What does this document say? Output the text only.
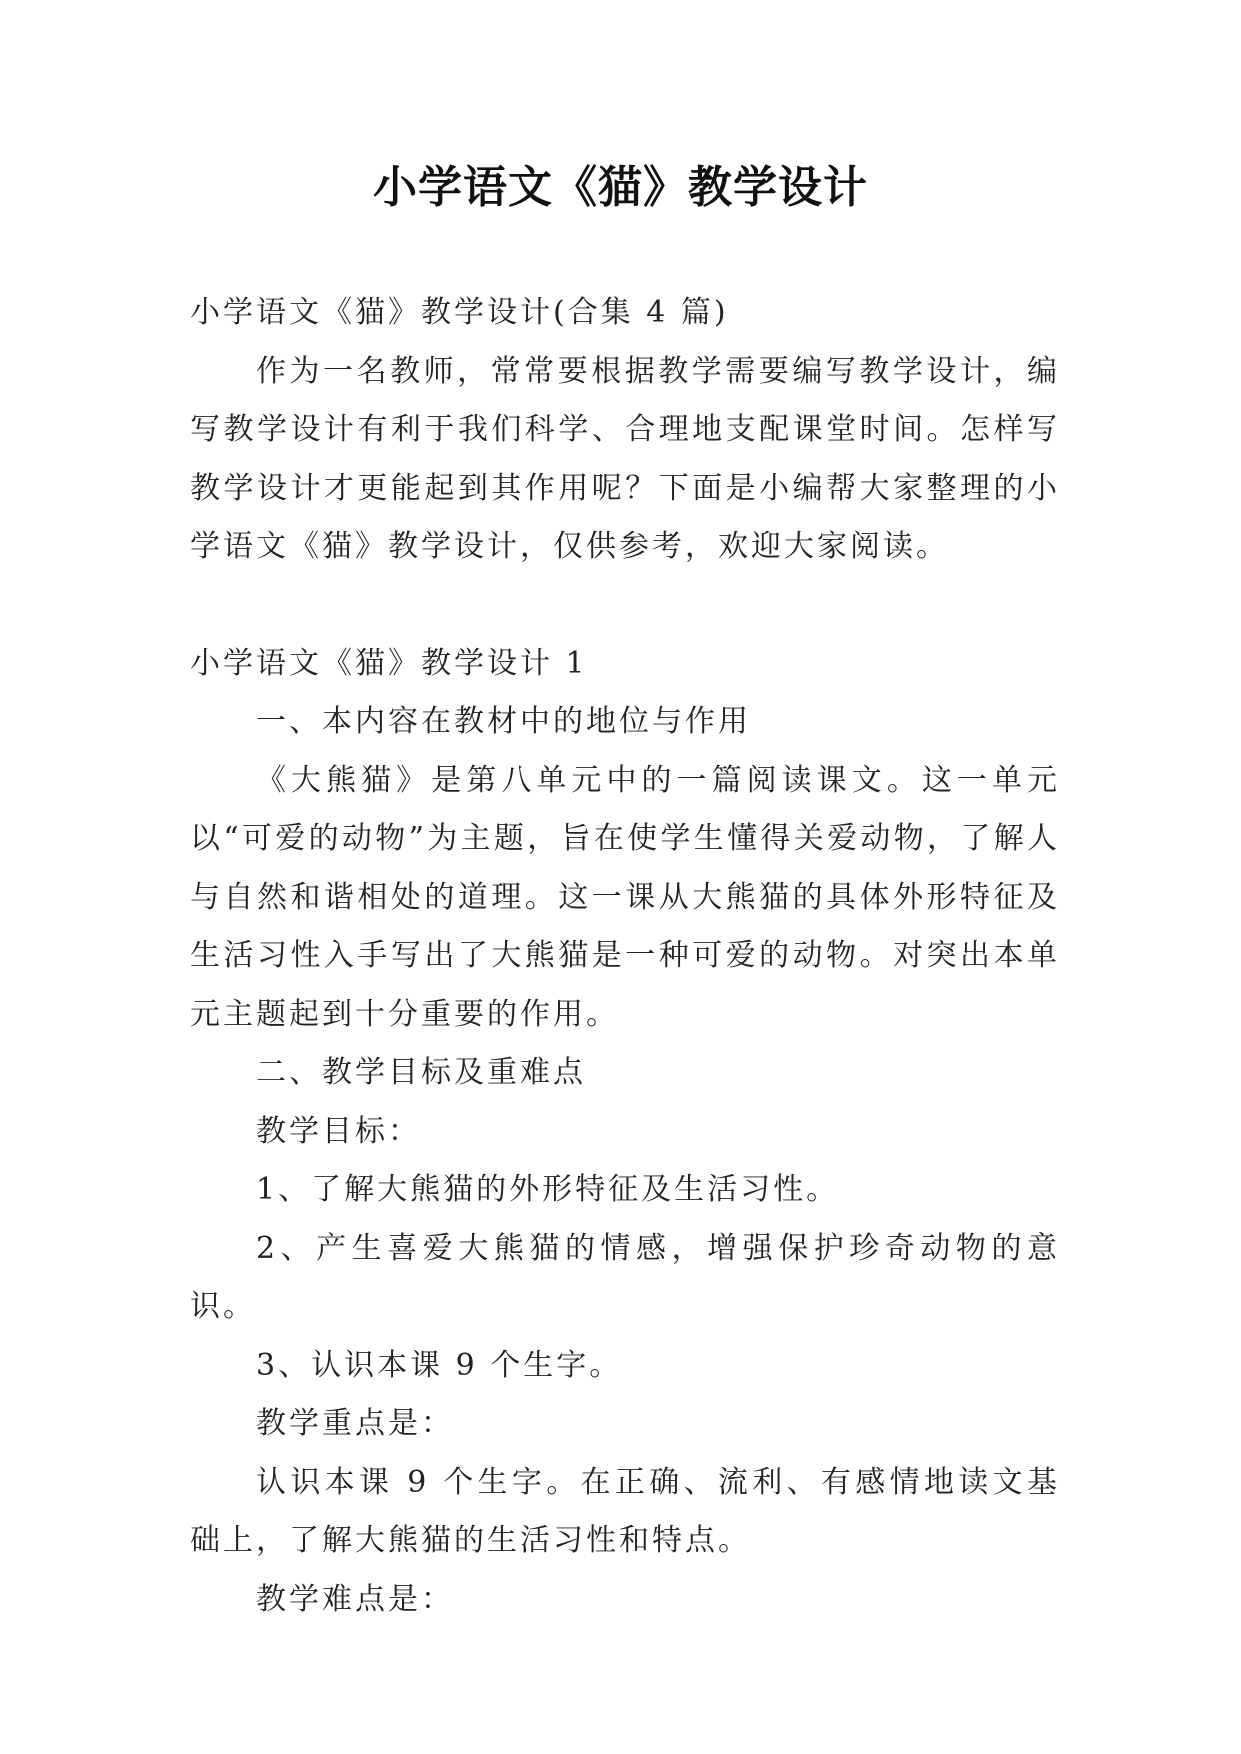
小学语文《猫》教学设计

小学语文《猫》教学设计(合集 4 篇)

作为一名教师，常常要根据教学需要编写教学设计，编写教学设计有利于我们科学、合理地支配课堂时间。怎样写教学设计才更能起到其作用呢？下面是小编帮大家整理的小学语文《猫》教学设计，仅供参考，欢迎大家阅读。

小学语文《猫》教学设计 1

一、本内容在教材中的地位与作用

《大熊猫》是第八单元中的一篇阅读课文。这一单元以“可爱的动物”为主题，旨在使学生懂得关爱动物，了解人与自然和谐相处的道理。这一课从大熊猫的具体外形特征及生活习性入手写出了大熊猫是一种可爱的动物。对突出本单元主题起到十分重要的作用。

二、教学目标及重难点

教学目标：

1、了解大熊猫的外形特征及生活习性。

2、产生喜爱大熊猫的情感，增强保护珍奇动物的意识。

3、认识本课 9 个生字。

教学重点是：

认识本课 9 个生字。在正确、流利、有感情地读文基础上，了解大熊猫的生活习性和特点。

教学难点是：
